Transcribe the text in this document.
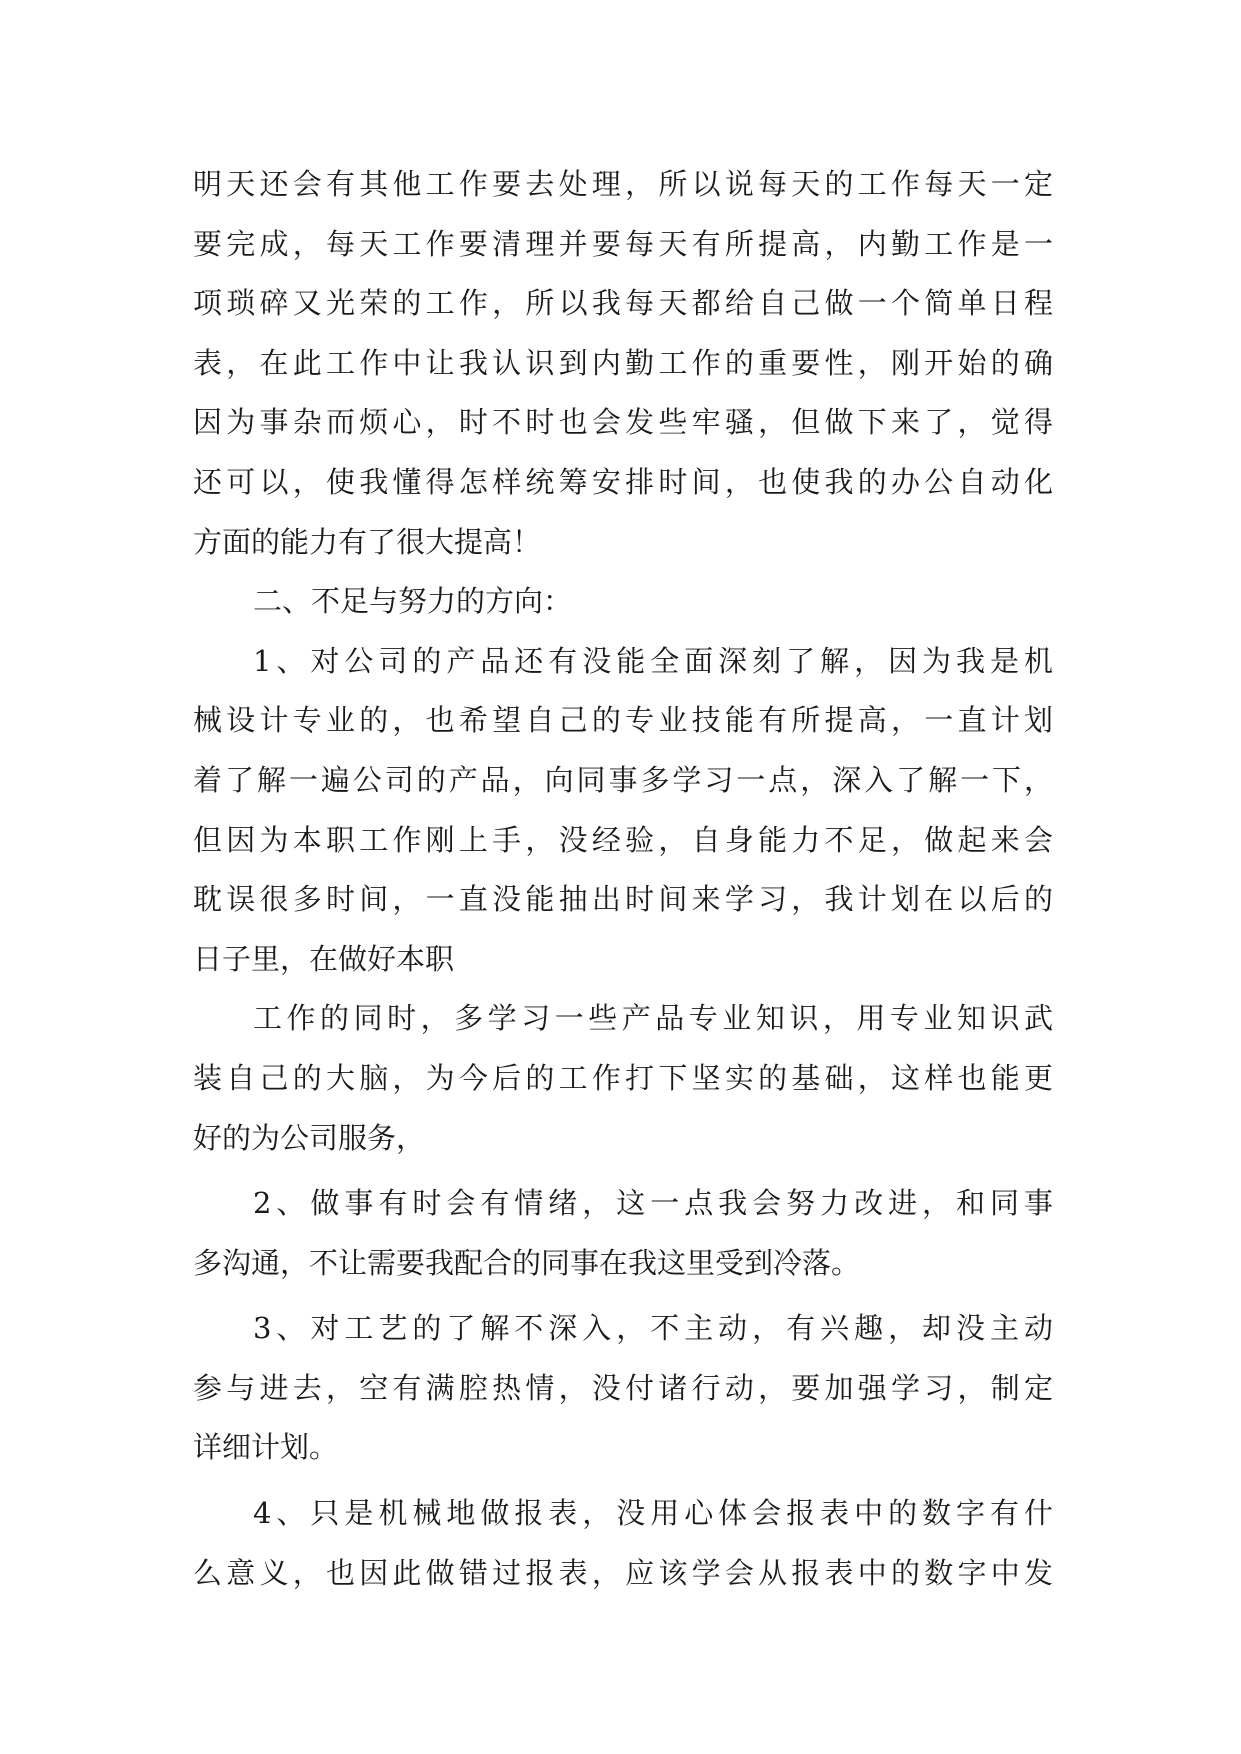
明天还会有其他工作要去处理，所以说每天的工作每天一定
要完成，每天工作要清理并要每天有所提高，内勤工作是一
项琐碎又光荣的工作，所以我每天都给自己做一个简单日程
表，在此工作中让我认识到内勤工作的重要性，刚开始的确
因为事杂而烦心，时不时也会发些牢骚，但做下来了，觉得
还可以，使我懂得怎样统筹安排时间，也使我的办公自动化
方面的能力有了很大提高！
二、不足与努力的方向：
1、对公司的产品还有没能全面深刻了解，因为我是机
械设计专业的，也希望自己的专业技能有所提高，一直计划
着了解一遍公司的产品，向同事多学习一点，深入了解一下，
但因为本职工作刚上手，没经验，自身能力不足，做起来会
耽误很多时间，一直没能抽出时间来学习，我计划在以后的
日子里，在做好本职
工作的同时，多学习一些产品专业知识，用专业知识武
装自己的大脑，为今后的工作打下坚实的基础，这样也能更
好的为公司服务，
2、做事有时会有情绪，这一点我会努力改进，和同事
多沟通，不让需要我配合的同事在我这里受到冷落。
3、对工艺的了解不深入，不主动，有兴趣，却没主动
参与进去，空有满腔热情，没付诸行动，要加强学习，制定
详细计划。
4、只是机械地做报表，没用心体会报表中的数字有什
么意义，也因此做错过报表，应该学会从报表中的数字中发
